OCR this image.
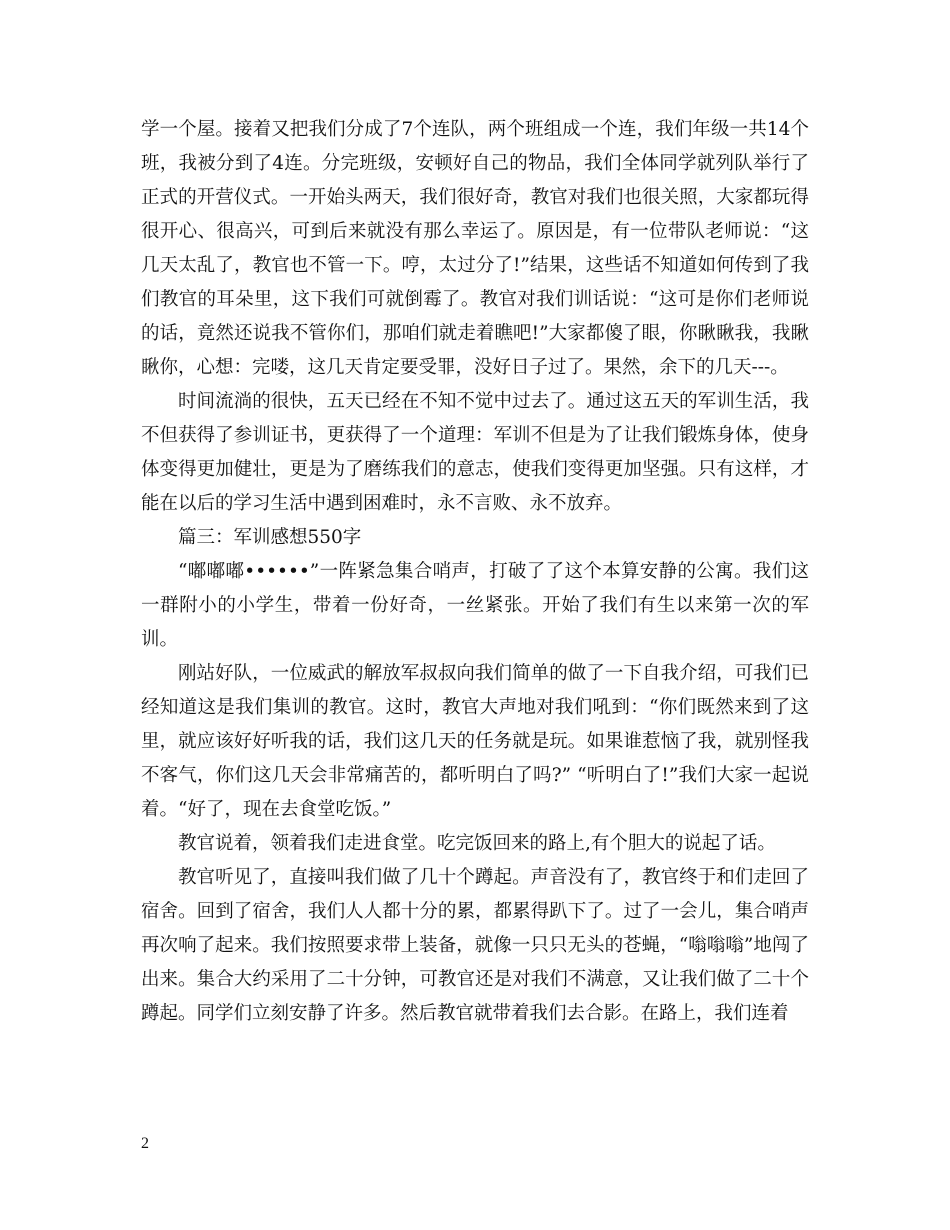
学一个屋。接着又把我们分成了7个连队，两个班组成一个连，我们年级一共14个班，我被分到了4连。分完班级，安顿好自己的物品，我们全体同学就列队举行了正式的开营仪式。一开始头两天，我们很好奇，教官对我们也很关照，大家都玩得很开心、很高兴，可到后来就没有那么幸运了。原因是，有一位带队老师说：“这几天太乱了，教官也不管一下。哼，太过分了!”结果，这些话不知道如何传到了我们教官的耳朵里，这下我们可就倒霉了。教官对我们训话说：“这可是你们老师说的话，竟然还说我不管你们，那咱们就走着瞧吧!”大家都傻了眼，你瞅瞅我，我瞅瞅你，心想：完喽，这几天肯定要受罪，没好日子过了。果然，余下的几天---。

时间流淌的很快，五天已经在不知不觉中过去了。通过这五天的军训生活，我不但获得了参训证书，更获得了一个道理：军训不但是为了让我们锻炼身体，使身体变得更加健壮，更是为了磨练我们的意志，使我们变得更加坚强。只有这样，才能在以后的学习生活中遇到困难时，永不言败、永不放弃。

篇三：军训感想550字

“嘟嘟嘟••••••”一阵紧急集合哨声，打破了了这个本算安静的公寓。我们这一群附小的小学生，带着一份好奇，一丝紧张。开始了我们有生以来第一次的军训。

刚站好队，一位威武的解放军叔叔向我们简单的做了一下自我介绍，可我们已经知道这是我们集训的教官。这时，教官大声地对我们吼到：“你们既然来到了这里，就应该好好听我的话，我们这几天的任务就是玩。如果谁惹恼了我，就别怪我不客气，你们这几天会非常痛苦的，都听明白了吗?” “听明白了!”我们大家一起说着。“好了，现在去食堂吃饭。”

教官说着，领着我们走进食堂。吃完饭回来的路上,有个胆大的说起了话。

教官听见了，直接叫我们做了几十个蹲起。声音没有了，教官终于和们走回了宿舍。回到了宿舍，我们人人都十分的累，都累得趴下了。过了一会儿，集合哨声再次响了起来。我们按照要求带上装备，就像一只只无头的苍蝇，“嗡嗡嗡”地闯了出来。集合大约采用了二十分钟，可教官还是对我们不满意，又让我们做了二十个蹲起。同学们立刻安静了许多。然后教官就带着我们去合影。在路上，我们连着

2
